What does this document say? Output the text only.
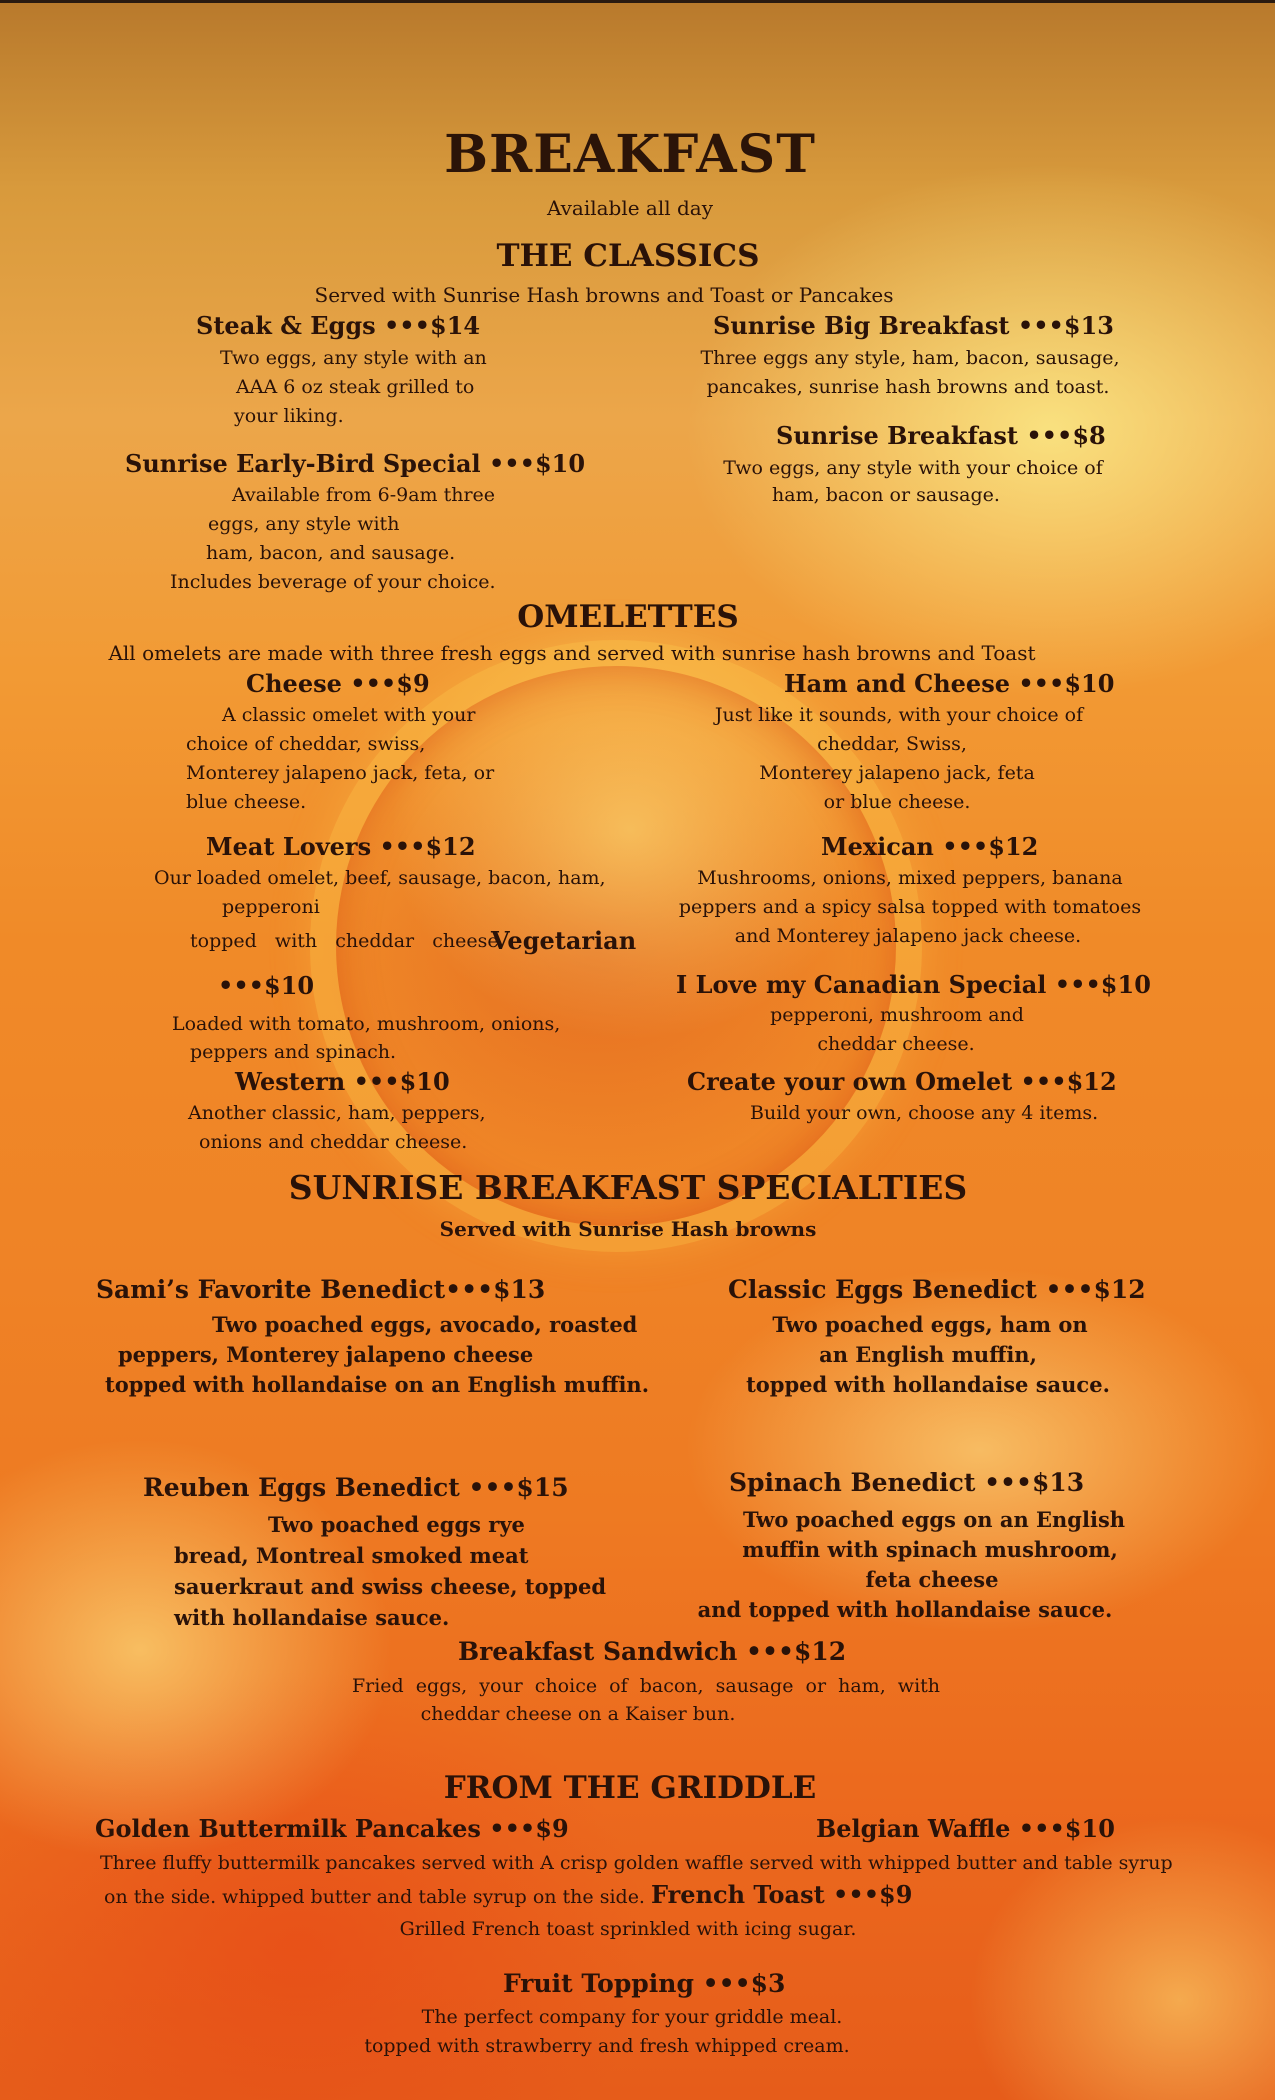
BREAKFAST
Available all day
THE CLASSICS
Served with Sunrise Hash browns and Toast or Pancakes
Steak & Eggs •••$14
Two eggs, any style with an
AAA 6 oz steak grilled to
your liking.
Sunrise Big Breakfast •••$13
Three eggs any style, ham, bacon, sausage,
pancakes, sunrise hash browns and toast.
Sunrise Breakfast •••$8
Two eggs, any style with your choice of
ham, bacon or sausage.
Sunrise Early-Bird Special •••$10
Available from 6-9am three
eggs, any style with
ham, bacon, and sausage.
Includes beverage of your choice.
OMELETTES
All omelets are made with three fresh eggs and served with sunrise hash browns and Toast
Cheese •••$9
A classic omelet with your
choice of cheddar, swiss,
Monterey jalapeno jack, feta, or
blue cheese.
Ham and Cheese •••$10
Just like it sounds, with your choice of
cheddar, Swiss,
Monterey jalapeno jack, feta
or blue cheese.
Meat Lovers •••$12
Our loaded omelet, beef, sausage, bacon, ham,
pepperoni
topped   with   cheddar   cheese
Vegetarian
•••$10
Loaded with tomato, mushroom, onions,
peppers and spinach.
Mexican •••$12
Mushrooms, onions, mixed peppers, banana
peppers and a spicy salsa topped with tomatoes
and Monterey jalapeno jack cheese.
I Love my Canadian Special •••$10
pepperoni, mushroom and
cheddar cheese.
Western •••$10
Another classic, ham, peppers,
onions and cheddar cheese.
Create your own Omelet •••$12
Build your own, choose any 4 items.
SUNRISE BREAKFAST SPECIALTIES
Served with Sunrise Hash browns
Sami’s Favorite Benedict•••$13
Two poached eggs, avocado, roasted
peppers, Monterey jalapeno cheese
topped with hollandaise on an English muffin.
Classic Eggs Benedict •••$12
Two poached eggs, ham on
an English muffin,
topped with hollandaise sauce.
Reuben Eggs Benedict •••$15
Two poached eggs rye
bread, Montreal smoked meat
sauerkraut and swiss cheese, topped
with hollandaise sauce.
Spinach Benedict •••$13
Two poached eggs on an English
muffin with spinach mushroom,
feta cheese
and topped with hollandaise sauce.
Breakfast Sandwich •••$12
Fried  eggs,  your  choice  of  bacon,  sausage  or  ham,  with
cheddar cheese on a Kaiser bun.
FROM THE GRIDDLE
Golden Buttermilk Pancakes •••$9	Belgian Waffle •••$10
Three fluffy buttermilk pancakes served with A crisp golden waffle served with whipped butter and table syrup
on the side. whipped butter and table syrup on the side. French Toast •••$9
Grilled French toast sprinkled with icing sugar.
Fruit Topping •••$3
The perfect company for your griddle meal.
topped with strawberry and fresh whipped cream.
